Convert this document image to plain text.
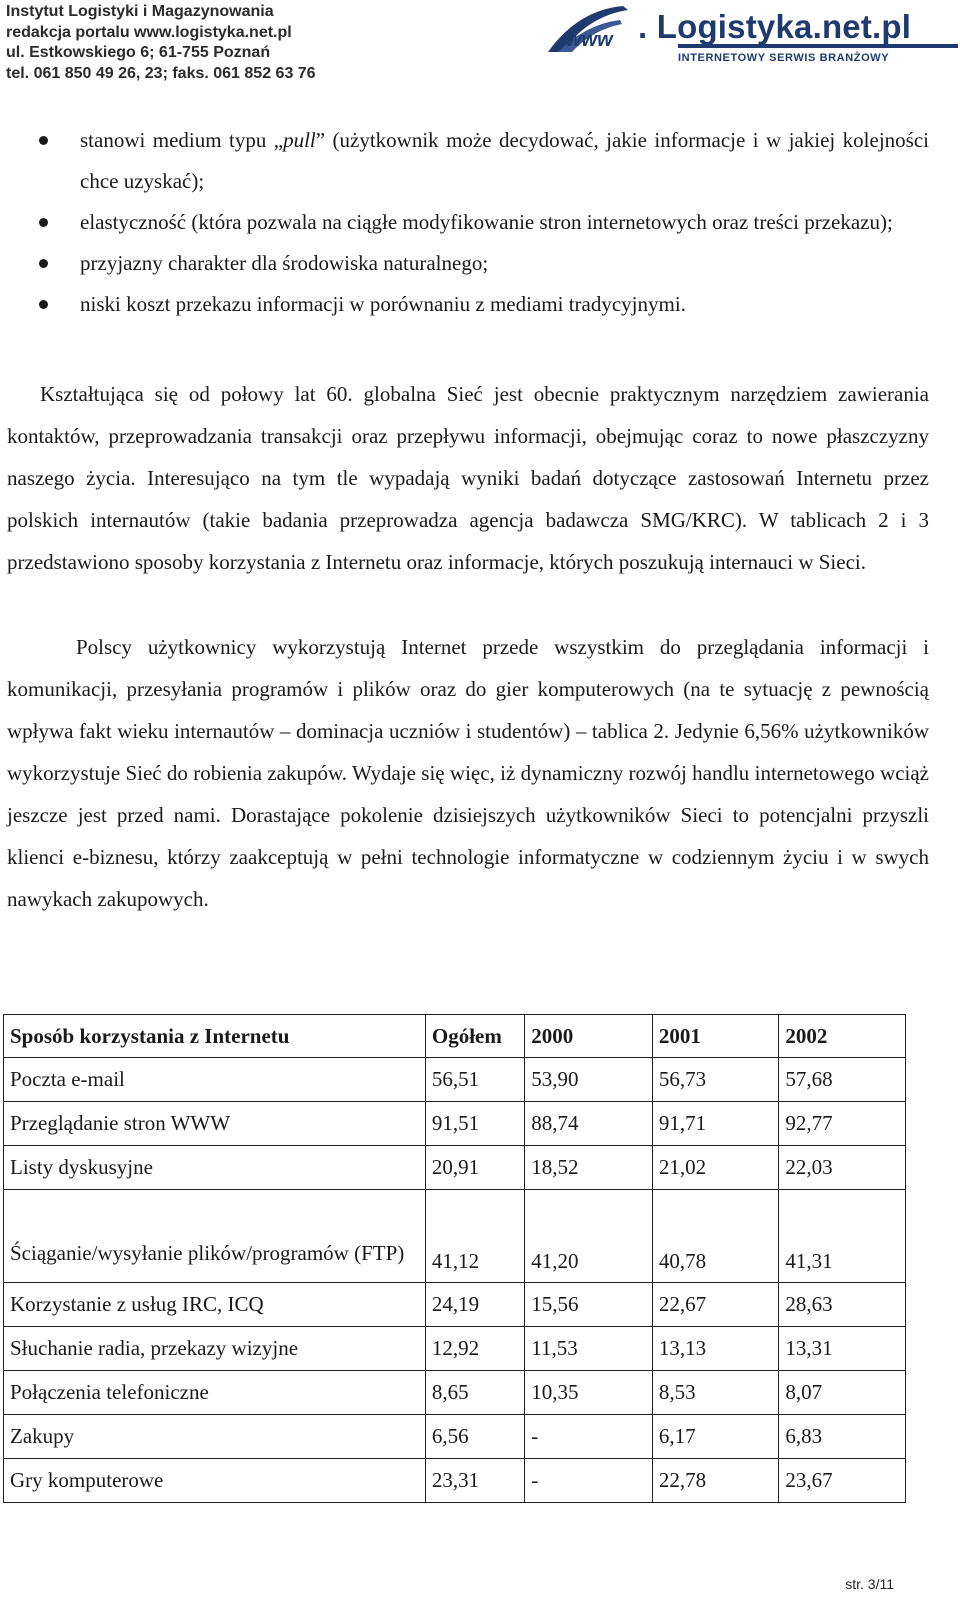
Instytut Logistyki i Magazynowania
redakcja portalu www.logistyka.net.pl
ul. Estkowskiego 6; 61-755 Poznań
tel. 061 850 49 26, 23; faks. 061 852 63 76
www . Logistyka.net.pl
INTERNETOWY SERWIS BRANŻOWY
stanowi medium typu „pull” (użytkownik może decydować, jakie informacje i w jakiej kolejności chce uzyskać);
elastyczność (która pozwala na ciągłe modyfikowanie stron internetowych oraz treści przekazu);
przyjazny charakter dla środowiska naturalnego;
niski koszt przekazu informacji w porównaniu z mediami tradycyjnymi.

Kształtująca się od połowy lat 60. globalna Sieć jest obecnie praktycznym narzędziem zawierania kontaktów, przeprowadzania transakcji oraz przepływu informacji, obejmując coraz to nowe płaszczyzny naszego życia. Interesująco na tym tle wypadają wyniki badań dotyczące zastosowań Internetu przez polskich internautów (takie badania przeprowadza agencja badawcza SMG/KRC). W tablicach 2 i 3 przedstawiono sposoby korzystania z Internetu oraz informacje, których poszukują internauci w Sieci.

Polscy użytkownicy wykorzystują Internet przede wszystkim do przeglądania informacji i komunikacji, przesyłania programów i plików oraz do gier komputerowych (na te sytuację z pewnością wpływa fakt wieku internautów – dominacja uczniów i studentów) – tablica 2. Jedynie 6,56% użytkowników wykorzystuje Sieć do robienia zakupów. Wydaje się więc, iż dynamiczny rozwój handlu internetowego wciąż jeszcze jest przed nami. Dorastające pokolenie dzisiejszych użytkowników Sieci to potencjalni przyszli klienci e-biznesu, którzy zaakceptują w pełni technologie informatyczne w codziennym życiu i w swych nawykach zakupowych.

Sposób korzystania z Internetu	Ogółem	2000	2001	2002
Poczta e-mail	56,51	53,90	56,73	57,68
Przeglądanie stron WWW	91,51	88,74	91,71	92,77
Listy dyskusyjne	20,91	18,52	21,02	22,03
Ściąganie/wysyłanie plików/programów (FTP)	41,12	41,20	40,78	41,31
Korzystanie z usług IRC, ICQ	24,19	15,56	22,67	28,63
Słuchanie radia, przekazy wizyjne	12,92	11,53	13,13	13,31
Połączenia telefoniczne	8,65	10,35	8,53	8,07
Zakupy	6,56	-	6,17	6,83
Gry komputerowe	23,31	-	22,78	23,67
str. 3/11
